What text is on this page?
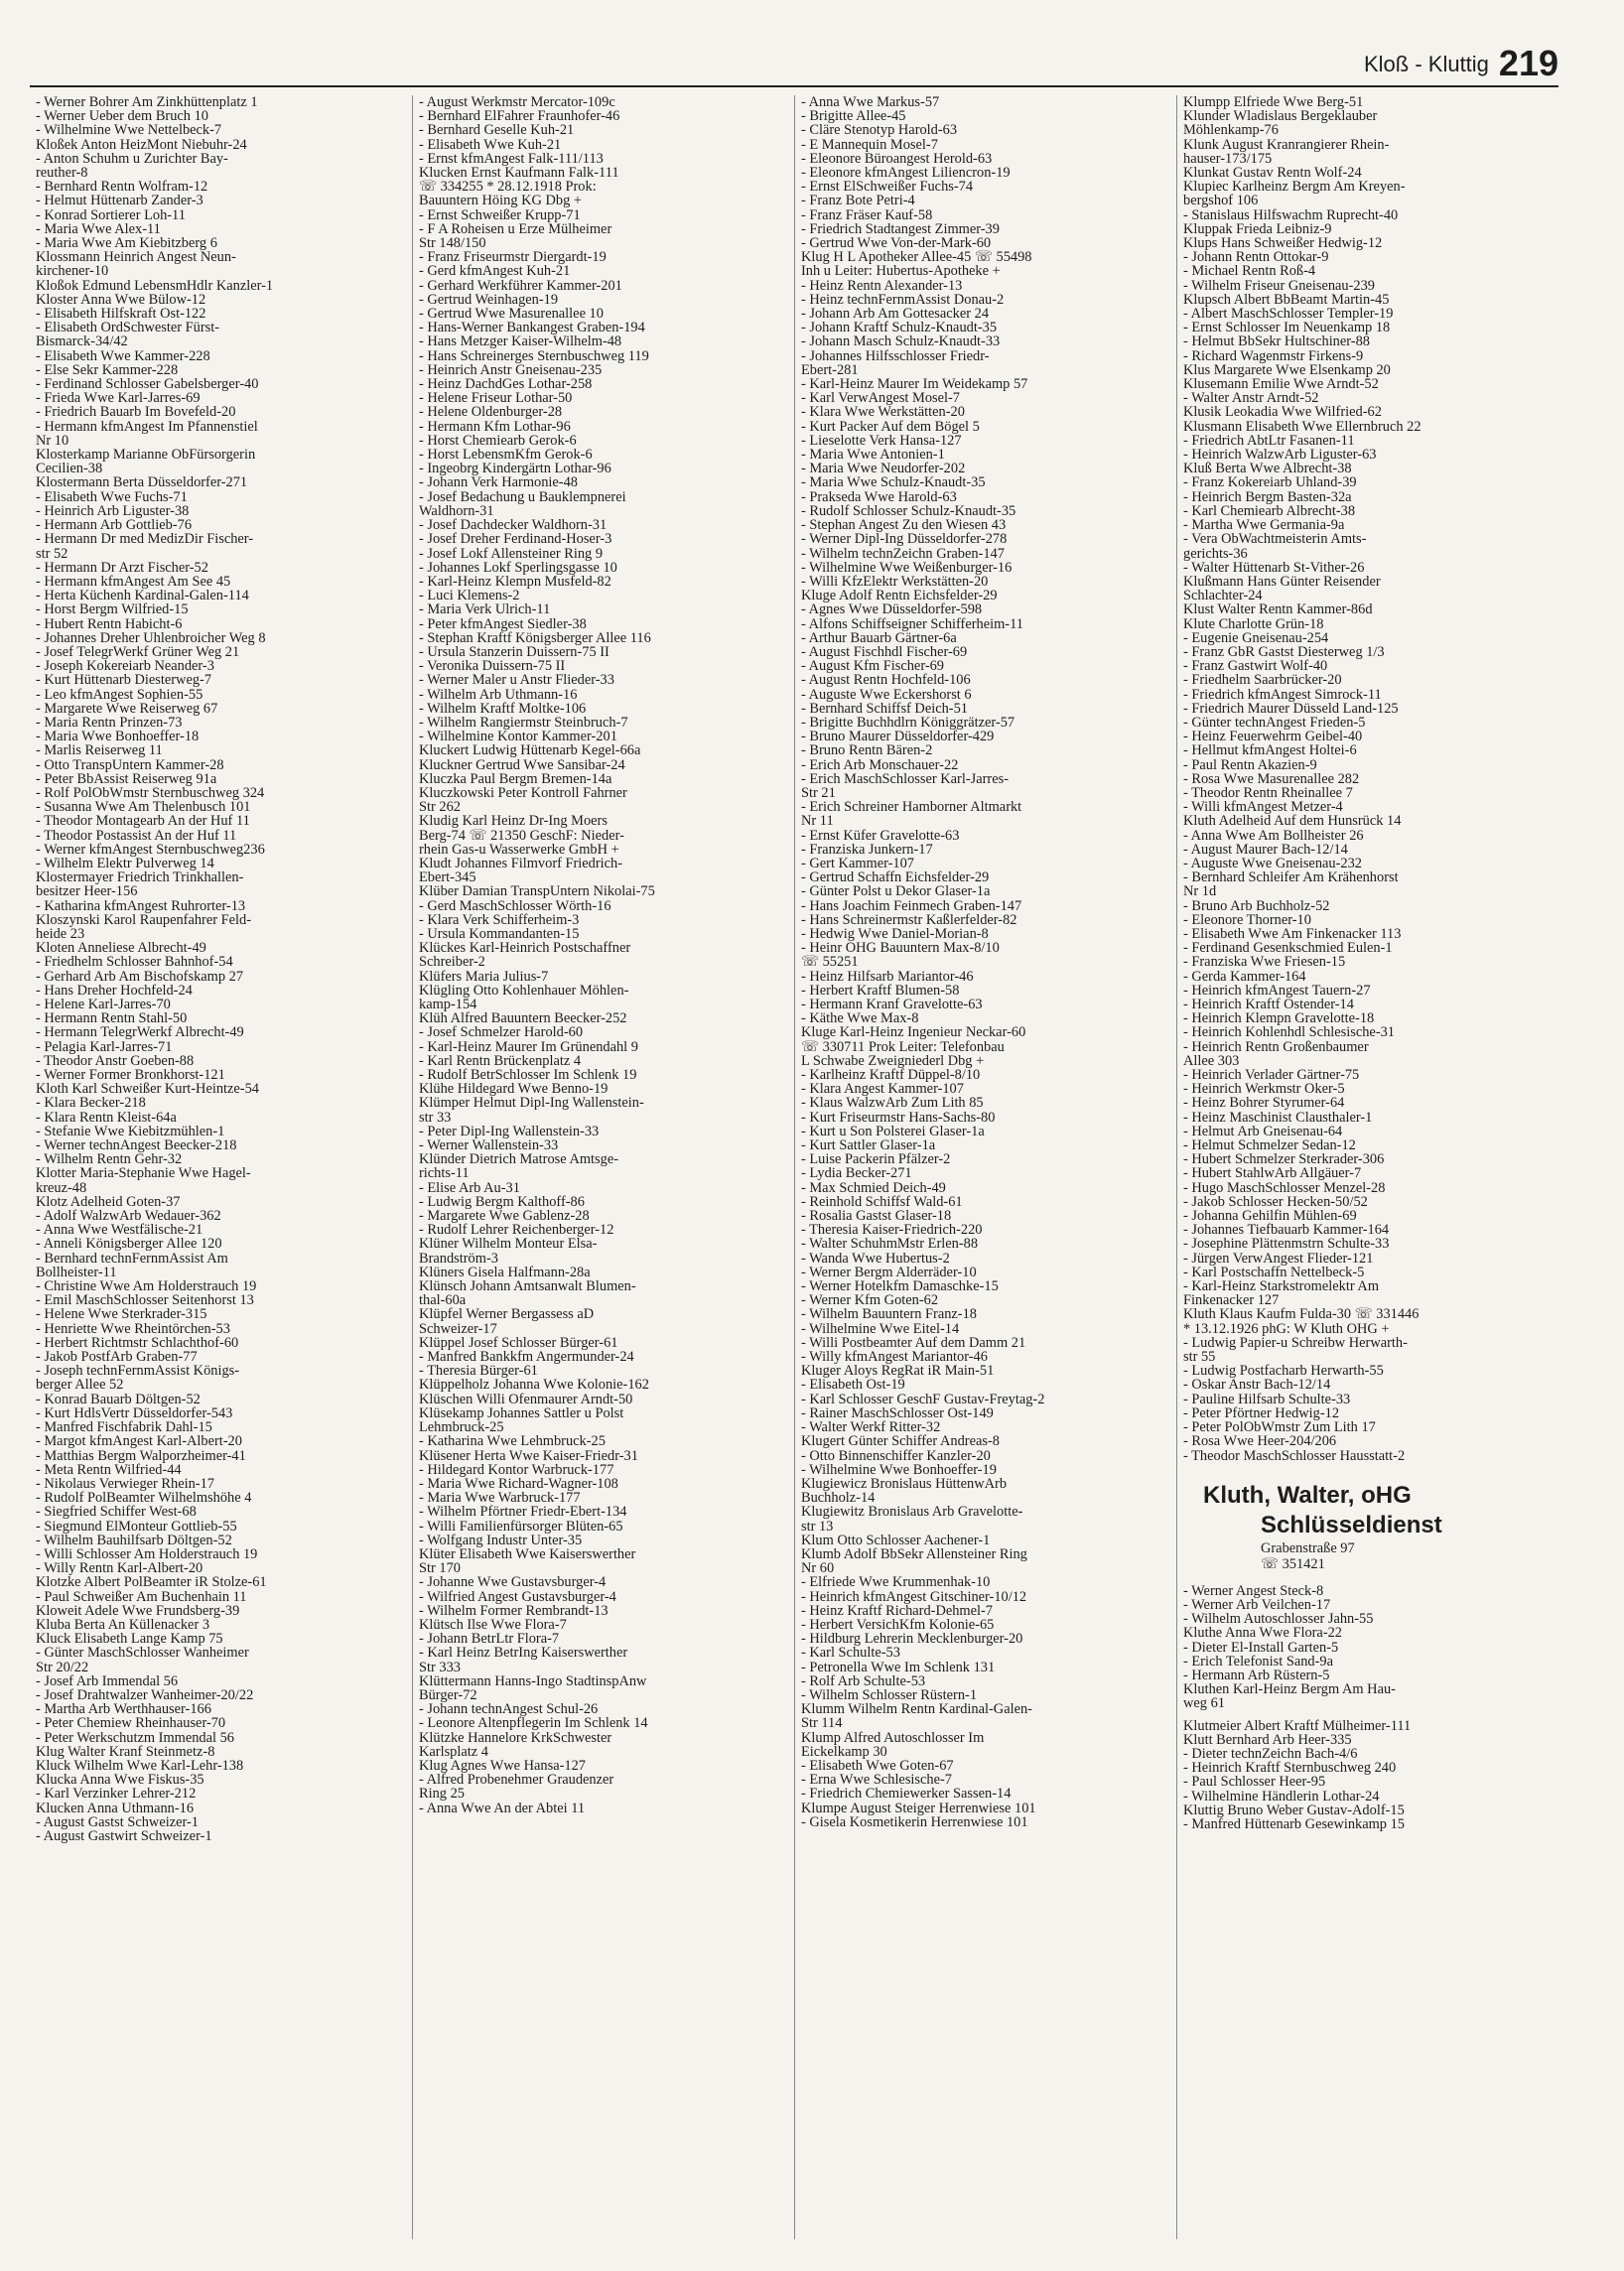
Kloß - Kluttig 219
- Werner Bohrer Am Zinkhüttenplatz 1
- Werner Ueber dem Bruch 10
- Wilhelmine Wwe Nettelbeck-7
Kloßek Anton HeizMont Niebuhr-24
- Anton Schuhm u Zurichter Bay-
reuther-8
- Bernhard Rentn Wolfram-12
- Helmut Hüttenarb Zander-3
- Konrad Sortierer Loh-11
- Maria Wwe Alex-11
- Maria Wwe Am Kiebitzberg 6
Klossmann Heinrich Angest Neun-
kirchener-10
Kloßok Edmund LebensmHdlr Kanzler-1
Kloster Anna Wwe Bülow-12
- Elisabeth Hilfskraft Ost-122
- Elisabeth OrdSchwester Fürst-
Bismarck-34/42
- Elisabeth Wwe Kammer-228
- Else Sekr Kammer-228
- Ferdinand Schlosser Gabelsberger-40
- Frieda Wwe Karl-Jarres-69
- Friedrich Bauarb Im Bovefeld-20
- Hermann kfmAngest Im Pfannenstiel
Nr 10
Klosterkamp Marianne ObFürsorgerin
Cecilien-38
Klostermann Berta Düsseldorfer-271
- Elisabeth Wwe Fuchs-71
- Heinrich Arb Liguster-38
- Hermann Arb Gottlieb-76
- Hermann Dr med MedizDir Fischer-
str 52
- Hermann Dr Arzt Fischer-52
- Hermann kfmAngest Am See 45
- Herta Küchenh Kardinal-Galen-114
- Horst Bergm Wilfried-15
- Hubert Rentn Habicht-6
- Johannes Dreher Uhlenbroicher Weg 8
- Josef TelegrWerkf Grüner Weg 21
- Joseph Kokereiarb Neander-3
- Kurt Hüttenarb Diesterweg-7
- Leo kfmAngest Sophien-55
- Margarete Wwe Reiserweg 67
- Maria Rentn Prinzen-73
- Maria Wwe Bonhoeffer-18
- Marlis Reiserweg 11
- Otto TranspUntern Kammer-28
- Peter BbAssist Reiserweg 91a
- Rolf PolObWmstr Sternbuschweg 324
- Susanna Wwe Am Thelenbusch 101
- Theodor Montagearb An der Huf 11
- Theodor Postassist An der Huf 11
- Werner kfmAngest Sternbuschweg236
- Wilhelm Elektr Pulverweg 14
Klostermayer Friedrich Trinkhallen-
besitzer Heer-156
- Katharina kfmAngest Ruhrorter-13
Kloszynski Karol Raupenfahrer Feld-
heide 23
Kloten Anneliese Albrecht-49
- Friedhelm Schlosser Bahnhof-54
- Gerhard Arb Am Bischofskamp 27
- Hans Dreher Hochfeld-24
- Helene Karl-Jarres-70
- Hermann Rentn Stahl-50
- Hermann TelegrWerkf Albrecht-49
- Pelagia Karl-Jarres-71
- Theodor Anstr Goeben-88
- Werner Former Bronkhorst-121
Kloth Karl Schweißer Kurt-Heintze-54
- Klara Becker-218
- Klara Rentn Kleist-64a
- Stefanie Wwe Kiebitzmühlen-1
- Werner technAngest Beecker-218
- Wilhelm Rentn Gehr-32
Klotter Maria-Stephanie Wwe Hagel-
kreuz-48
Klotz Adelheid Goten-37
- Adolf WalzwArb Wedauer-362
- Anna Wwe Westfälische-21
- Anneli Königsberger Allee 120
- Bernhard technFernmAssist Am
Bollheister-11
- Christine Wwe Am Holderstrauch 19
- Emil MaschSchlosser Seitenhorst 13
- Helene Wwe Sterkrader-315
- Henriette Wwe Rheintörchen-53
- Herbert Richtmstr Schlachthof-60
- Jakob PostfArb Graben-77
- Joseph technFernmAssist Königs-
berger Allee 52
- Konrad Bauarb Döltgen-52
- Kurt HdlsVertr Düsseldorfer-543
- Manfred Fischfabrik Dahl-15
- Margot kfmAngest Karl-Albert-20
- Matthias Bergm Walporzheimer-41
- Meta Rentn Wilfried-44
- Nikolaus Verwieger Rhein-17
- Rudolf PolBeamter Wilhelmshöhe 4
- Siegfried Schiffer West-68
- Siegmund ElMonteur Gottlieb-55
- Wilhelm Bauhilfsarb Döltgen-52
- Willi Schlosser Am Holderstrauch 19
- Willy Rentn Karl-Albert-20
Klotzke Albert PolBeamter iR Stolze-61
- Paul Schweißer Am Buchenhain 11
Kloweit Adele Wwe Frundsberg-39
Kluba Berta An Küllenacker 3
Kluck Elisabeth Lange Kamp 75
- Günter MaschSchlosser Wanheimer
Str 20/22
- Josef Arb Immendal 56
- Josef Drahtwalzer Wanheimer-20/22
- Martha Arb Werthhauser-166
- Peter Chemiew Rheinhauser-70
- Peter Werkschutzm Immendal 56
Klug Walter Kranf Steinmetz-8
Kluck Wilhelm Wwe Karl-Lehr-138
Klucka Anna Wwe Fiskus-35
- Karl Verzinker Lehrer-212
Klucken Anna Uthmann-16
- August Gastst Schweizer-1
- August Gastwirt Schweizer-1
- August Werkmstr Mercator-109c
- Bernhard ElFahrer Fraunhofer-46
- Bernhard Geselle Kuh-21
- Elisabeth Wwe Kuh-21
- Ernst kfmAngest Falk-111/113
Klucken Ernst Kaufmann Falk-111
☏ 334255 * 28.12.1918 Prok:
Bauuntern Höing KG Dbg +
- Ernst Schweißer Krupp-71
- F A Roheisen u Erze Mülheimer
Str 148/150
- Franz Friseurmstr Diergardt-19
- Gerd kfmAngest Kuh-21
- Gerhard Werkführer Kammer-201
- Gertrud Weinhagen-19
- Gertrud Wwe Masurenallee 10
- Hans-Werner Bankangest Graben-194
- Hans Metzger Kaiser-Wilhelm-48
- Hans Schreinerges Sternbuschweg 119
- Heinrich Anstr Gneisenau-235
- Heinz DachdGes Lothar-258
- Helene Friseur Lothar-50
- Helene Oldenburger-28
- Hermann Kfm Lothar-96
- Horst Chemiearb Gerok-6
- Horst LebensmKfm Gerok-6
- Ingeobrg Kindergärtn Lothar-96
- Johann Verk Harmonie-48
- Josef Bedachung u Bauklempnerei
Waldhorn-31
- Josef Dachdecker Waldhorn-31
- Josef Dreher Ferdinand-Hoser-3
- Josef Lokf Allensteiner Ring 9
- Johannes Lokf Sperlingsgasse 10
- Karl-Heinz Klempn Musfeld-82
- Luci Klemens-2
- Maria Verk Ulrich-11
- Peter kfmAngest Siedler-38
- Stephan Kraftf Königsberger Allee 116
- Ursula Stanzerin Duissern-75 II
- Veronika Duissern-75 II
- Werner Maler u Anstr Flieder-33
- Wilhelm Arb Uthmann-16
- Wilhelm Kraftf Moltke-106
- Wilhelm Rangiermstr Steinbruch-7
- Wilhelmine Kontor Kammer-201
Kluckert Ludwig Hüttenarb Kegel-66a
Kluckner Gertrud Wwe Sansibar-24
Kluczka Paul Bergm Bremen-14a
Kluczkowski Peter Kontroll Fahrner
Str 262
Kludig Karl Heinz Dr-Ing Moers
Berg-74 ☏ 21350 GeschF: Nieder-
rhein Gas-u Wasserwerke GmbH +
Kludt Johannes Filmvorf Friedrich-
Ebert-345
Klüber Damian TranspUntern Nikolai-75
- Gerd MaschSchlosser Wörth-16
- Klara Verk Schifferheim-3
- Ursula Kommandanten-15
Klückes Karl-Heinrich Postschaffner
Schreiber-2
Klüfers Maria Julius-7
Klügling Otto Kohlenhauer Möhlen-
kamp-154
Klüh Alfred Bauuntern Beecker-252
- Josef Schmelzer Harold-60
- Karl-Heinz Maurer Im Grünendahl 9
- Karl Rentn Brückenplatz 4
- Rudolf BetrSchlosser Im Schlenk 19
Klühe Hildegard Wwe Benno-19
Klümper Helmut Dipl-Ing Wallenstein-
str 33
- Peter Dipl-Ing Wallenstein-33
- Werner Wallenstein-33
Klünder Dietrich Matrose Amtsge-
richts-11
- Elise Arb Au-31
- Ludwig Bergm Kalthoff-86
- Margarete Wwe Gablenz-28
- Rudolf Lehrer Reichenberger-12
Klüner Wilhelm Monteur Elsa-
Brandström-3
Klüners Gisela Halfmann-28a
Klünsch Johann Amtsanwalt Blumen-
thal-60a
Klüpfel Werner Bergassess aD
Schweizer-17
Klüppel Josef Schlosser Bürger-61
- Manfred Bankkfm Angermunder-24
- Theresia Bürger-61
Klüppelholz Johanna Wwe Kolonie-162
Klüschen Willi Ofenmaurer Arndt-50
Klüsekamp Johannes Sattler u Polst
Lehmbruck-25
- Katharina Wwe Lehmbruck-25
Klüsener Herta Wwe Kaiser-Friedr-31
- Hildegard Kontor Warbruck-177
- Maria Wwe Richard-Wagner-108
- Maria Wwe Warbruck-177
- Wilhelm Pförtner Friedr-Ebert-134
- Willi Familienfürsorger Blüten-65
- Wolfgang Industr Unter-35
Klüter Elisabeth Wwe Kaiserswerther
Str 170
- Johanne Wwe Gustavsburger-4
- Wilfried Angest Gustavsburger-4
- Wilhelm Former Rembrandt-13
Klütsch Ilse Wwe Flora-7
- Johann BetrLtr Flora-7
- Karl Heinz BetrIng Kaiserswerther
Str 333
Klüttermann Hanns-Ingo StadtinspAnw
Bürger-72
- Johann technAngest Schul-26
- Leonore Altenpflegerin Im Schlenk 14
Klützke Hannelore KrkSchwester
Karlsplatz 4
Klug Agnes Wwe Hansa-127
- Alfred Probenehmer Graudenzer
Ring 25
- Anna Wwe An der Abtei 11
- Anna Wwe Markus-57
- Brigitte Allee-45
- Cläre Stenotyp Harold-63
- E Mannequin Mosel-7
- Eleonore Büroangest Herold-63
- Eleonore kfmAngest Liliencron-19
- Ernst ElSchweißer Fuchs-74
- Franz Bote Petri-4
- Franz Fräser Kauf-58
- Friedrich Stadtangest Zimmer-39
- Gertrud Wwe Von-der-Mark-60
Klug H L Apotheker Allee-45 ☏ 55498
Inh u Leiter: Hubertus-Apotheke +
- Heinz Rentn Alexander-13
- Heinz technFernmAssist Donau-2
- Johann Arb Am Gottesacker 24
- Johann Kraftf Schulz-Knaudt-35
- Johann Masch Schulz-Knaudt-33
- Johannes Hilfsschlosser Friedr-
Ebert-281
- Karl-Heinz Maurer Im Weidekamp 57
- Karl VerwAngest Mosel-7
- Klara Wwe Werkstätten-20
- Kurt Packer Auf dem Bögel 5
- Lieselotte Verk Hansa-127
- Maria Wwe Antonien-1
- Maria Wwe Neudorfer-202
- Maria Wwe Schulz-Knaudt-35
- Prakseda Wwe Harold-63
- Rudolf Schlosser Schulz-Knaudt-35
- Stephan Angest Zu den Wiesen 43
- Werner Dipl-Ing Düsseldorfer-278
- Wilhelm technZeichn Graben-147
- Wilhelmine Wwe Weißenburger-16
- Willi KfzElektr Werkstätten-20
Kluge Adolf Rentn Eichsfelder-29
- Agnes Wwe Düsseldorfer-598
- Alfons Schiffseigner Schifferheim-11
- Arthur Bauarb Gärtner-6a
- August Fischhdl Fischer-69
- August Kfm Fischer-69
- August Rentn Hochfeld-106
- Auguste Wwe Eckershorst 6
- Bernhard Schiffsf Deich-51
- Brigitte Buchhdlrn Königgrätzer-57
- Bruno Maurer Düsseldorfer-429
- Bruno Rentn Bären-2
- Erich Arb Monschauer-22
- Erich MaschSchlosser Karl-Jarres-
Str 21
- Erich Schreiner Hamborner Altmarkt
Nr 11
- Ernst Küfer Gravelotte-63
- Franziska Junkern-17
- Gert Kammer-107
- Gertrud Schaffn Eichsfelder-29
- Günter Polst u Dekor Glaser-1a
- Hans Joachim Feinmech Graben-147
- Hans Schreinermstr Kaßlerfelder-82
- Hedwig Wwe Daniel-Morian-8
- Heinr OHG Bauuntern Max-8/10
☏ 55251
- Heinz Hilfsarb Mariantor-46
- Herbert Kraftf Blumen-58
- Hermann Kranf Gravelotte-63
- Käthe Wwe Max-8
Kluge Karl-Heinz Ingenieur Neckar-60
☏ 330711 Prok Leiter: Telefonbau
L Schwabe Zweigniederl Dbg +
- Karlheinz Kraftf Düppel-8/10
- Klara Angest Kammer-107
- Klaus WalzwArb Zum Lith 85
- Kurt Friseurmstr Hans-Sachs-80
- Kurt u Son Polsterei Glaser-1a
- Kurt Sattler Glaser-1a
- Luise Packerin Pfälzer-2
- Lydia Becker-271
- Max Schmied Deich-49
- Reinhold Schiffsf Wald-61
- Rosalia Gastst Glaser-18
- Theresia Kaiser-Friedrich-220
- Walter SchuhmMstr Erlen-88
- Wanda Wwe Hubertus-2
- Werner Bergm Alderräder-10
- Werner Hotelkfm Damaschke-15
- Werner Kfm Goten-62
- Wilhelm Bauuntern Franz-18
- Wilhelmine Wwe Eitel-14
- Willi Postbeamter Auf dem Damm 21
- Willy kfmAngest Mariantor-46
Kluger Aloys RegRat iR Main-51
- Elisabeth Ost-19
- Karl Schlosser GeschF Gustav-Freytag-2
- Rainer MaschSchlosser Ost-149
- Walter Werkf Ritter-32
Klugert Günter Schiffer Andreas-8
- Otto Binnenschiffer Kanzler-20
- Wilhelmine Wwe Bonhoeffer-19
Klugiewicz Bronislaus HüttenwArb
Buchholz-14
Klugiewitz Bronislaus Arb Gravelotte-
str 13
Klum Otto Schlosser Aachener-1
Klumb Adolf BbSekr Allensteiner Ring
Nr 60
- Elfriede Wwe Krummenhak-10
- Heinrich kfmAngest Gitschiner-10/12
- Heinz Kraftf Richard-Dehmel-7
- Herbert VersichKfm Kolonie-65
- Hildburg Lehrerin Mecklenburger-20
- Karl Schulte-53
- Petronella Wwe Im Schlenk 131
- Rolf Arb Schulte-53
- Wilhelm Schlosser Rüstern-1
Klumm Wilhelm Rentn Kardinal-Galen-
Str 114
Klump Alfred Autoschlosser Im
Eickelkamp 30
- Elisabeth Wwe Goten-67
- Erna Wwe Schlesische-7
- Friedrich Chemiewerker Sassen-14
Klumpe August Steiger Herrenwiese 101
- Gisela Kosmetikerin Herrenwiese 101
Klumpp Elfriede Wwe Berg-51
Klunder Wladislaus Bergeklauber
Möhlenkamp-76
Klunk August Kranrangierer Rhein-
hauser-173/175
Klunkat Gustav Rentn Wolf-24
Klupiec Karlheinz Bergm Am Kreyen-
bergshof 106
- Stanislaus Hilfswachm Ruprecht-40
Kluppak Frieda Leibniz-9
Klups Hans Schweißer Hedwig-12
- Johann Rentn Ottokar-9
- Michael Rentn Roß-4
- Wilhelm Friseur Gneisenau-239
Klupsch Albert BbBeamt Martin-45
- Albert MaschSchlosser Templer-19
- Ernst Schlosser Im Neuenkamp 18
- Helmut BbSekr Hultschiner-88
- Richard Wagenmstr Firkens-9
Klus Margarete Wwe Elsenkamp 20
Klusemann Emilie Wwe Arndt-52
- Walter Anstr Arndt-52
Klusik Leokadia Wwe Wilfried-62
Klusmann Elisabeth Wwe Ellernbruch 22
- Friedrich AbtLtr Fasanen-11
- Heinrich WalzwArb Liguster-63
Kluß Berta Wwe Albrecht-38
- Franz Kokereiarb Uhland-39
- Heinrich Bergm Basten-32a
- Karl Chemiearb Albrecht-38
- Martha Wwe Germania-9a
- Vera ObWachtmeisterin Amts-
gerichts-36
- Walter Hüttenarb St-Vither-26
Klußmann Hans Günter Reisender
Schlachter-24
Klust Walter Rentn Kammer-86d
Klute Charlotte Grün-18
- Eugenie Gneisenau-254
- Franz GbR Gastst Diesterweg 1/3
- Franz Gastwirt Wolf-40
- Friedhelm Saarbrücker-20
- Friedrich kfmAngest Simrock-11
- Friedrich Maurer Düsseld Land-125
- Günter technAngest Frieden-5
- Heinz Feuerwehrm Geibel-40
- Hellmut kfmAngest Holtei-6
- Paul Rentn Akazien-9
- Rosa Wwe Masurenallee 282
- Theodor Rentn Rheinallee 7
- Willi kfmAngest Metzer-4
Kluth Adelheid Auf dem Hunsrück 14
- Anna Wwe Am Bollheister 26
- August Maurer Bach-12/14
- Auguste Wwe Gneisenau-232
- Bernhard Schleifer Am Krähenhorst
Nr 1d
- Bruno Arb Buchholz-52
- Eleonore Thorner-10
- Elisabeth Wwe Am Finkenacker 113
- Ferdinand Gesenkschmied Eulen-1
- Franziska Wwe Friesen-15
- Gerda Kammer-164
- Heinrich kfmAngest Tauern-27
- Heinrich Kraftf Ostender-14
- Heinrich Klempn Gravelotte-18
- Heinrich Kohlenhdl Schlesische-31
- Heinrich Rentn Großenbaumer
Allee 303
- Heinrich Verlader Gärtner-75
- Heinrich Werkmstr Oker-5
- Heinz Bohrer Styrumer-64
- Heinz Maschinist Clausthaler-1
- Helmut Arb Gneisenau-64
- Helmut Schmelzer Sedan-12
- Hubert Schmelzer Sterkrader-306
- Hubert StahlwArb Allgäuer-7
- Hugo MaschSchlosser Menzel-28
- Jakob Schlosser Hecken-50/52
- Johanna Gehilfin Mühlen-69
- Johannes Tiefbauarb Kammer-164
- Josephine Plättenmstrn Schulte-33
- Jürgen VerwAngest Flieder-121
- Karl Postschaffn Nettelbeck-5
- Karl-Heinz Starkstromelektr Am
Finkenacker 127
Kluth Klaus Kaufm Fulda-30 ☏ 331446
* 13.12.1926 phG: W Kluth OHG +
- Ludwig Papier-u Schreibw Herwarth-
str 55
- Ludwig Postfacharb Herwarth-55
- Oskar Anstr Bach-12/14
- Pauline Hilfsarb Schulte-33
- Peter Pförtner Hedwig-12
- Peter PolObWmstr Zum Lith 17
- Rosa Wwe Heer-204/206
- Theodor MaschSchlosser Hausstatt-2
Kluth, Walter, oHG
Schlüsseldienst
Grabenstraße 97
☏ 351421
- Werner Angest Steck-8
- Werner Arb Veilchen-17
- Wilhelm Autoschlosser Jahn-55
Kluthe Anna Wwe Flora-22
- Dieter El-Install Garten-5
- Erich Telefonist Sand-9a
- Hermann Arb Rüstern-5
Kluthen Karl-Heinz Bergm Am Hau-
weg 61
Klutmeier Albert Kraftf Mülheimer-111
Klutt Bernhard Arb Heer-335
- Dieter technZeichn Bach-4/6
- Heinrich Kraftf Sternbuschweg 240
- Paul Schlosser Heer-95
- Wilhelmine Händlerin Lothar-24
Kluttig Bruno Weber Gustav-Adolf-15
- Manfred Hüttenarb Gesewinkamp 15
